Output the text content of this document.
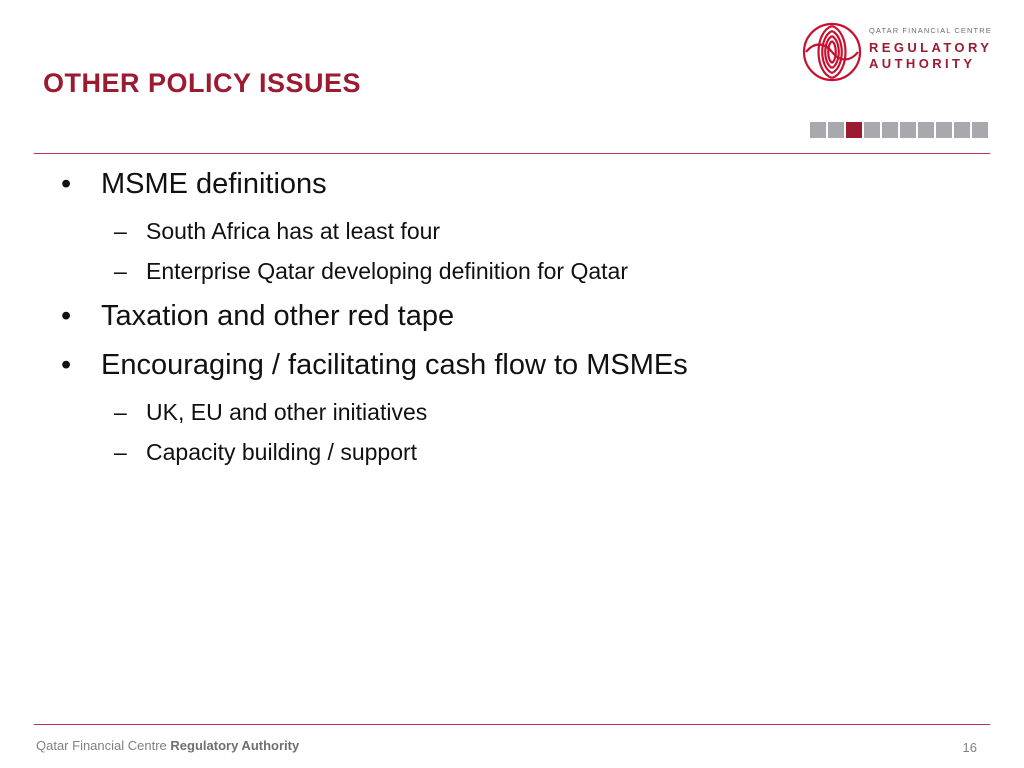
OTHER POLICY ISSUES
QATAR FINANCIAL CENTRE
REGULATORY
AUTHORITY
• MSME definitions
– South Africa has at least four
– Enterprise Qatar developing definition for Qatar
• Taxation and other red tape
• Encouraging / facilitating cash flow to MSMEs
– UK, EU and other initiatives
– Capacity building / support
Qatar Financial Centre Regulatory Authority	16
